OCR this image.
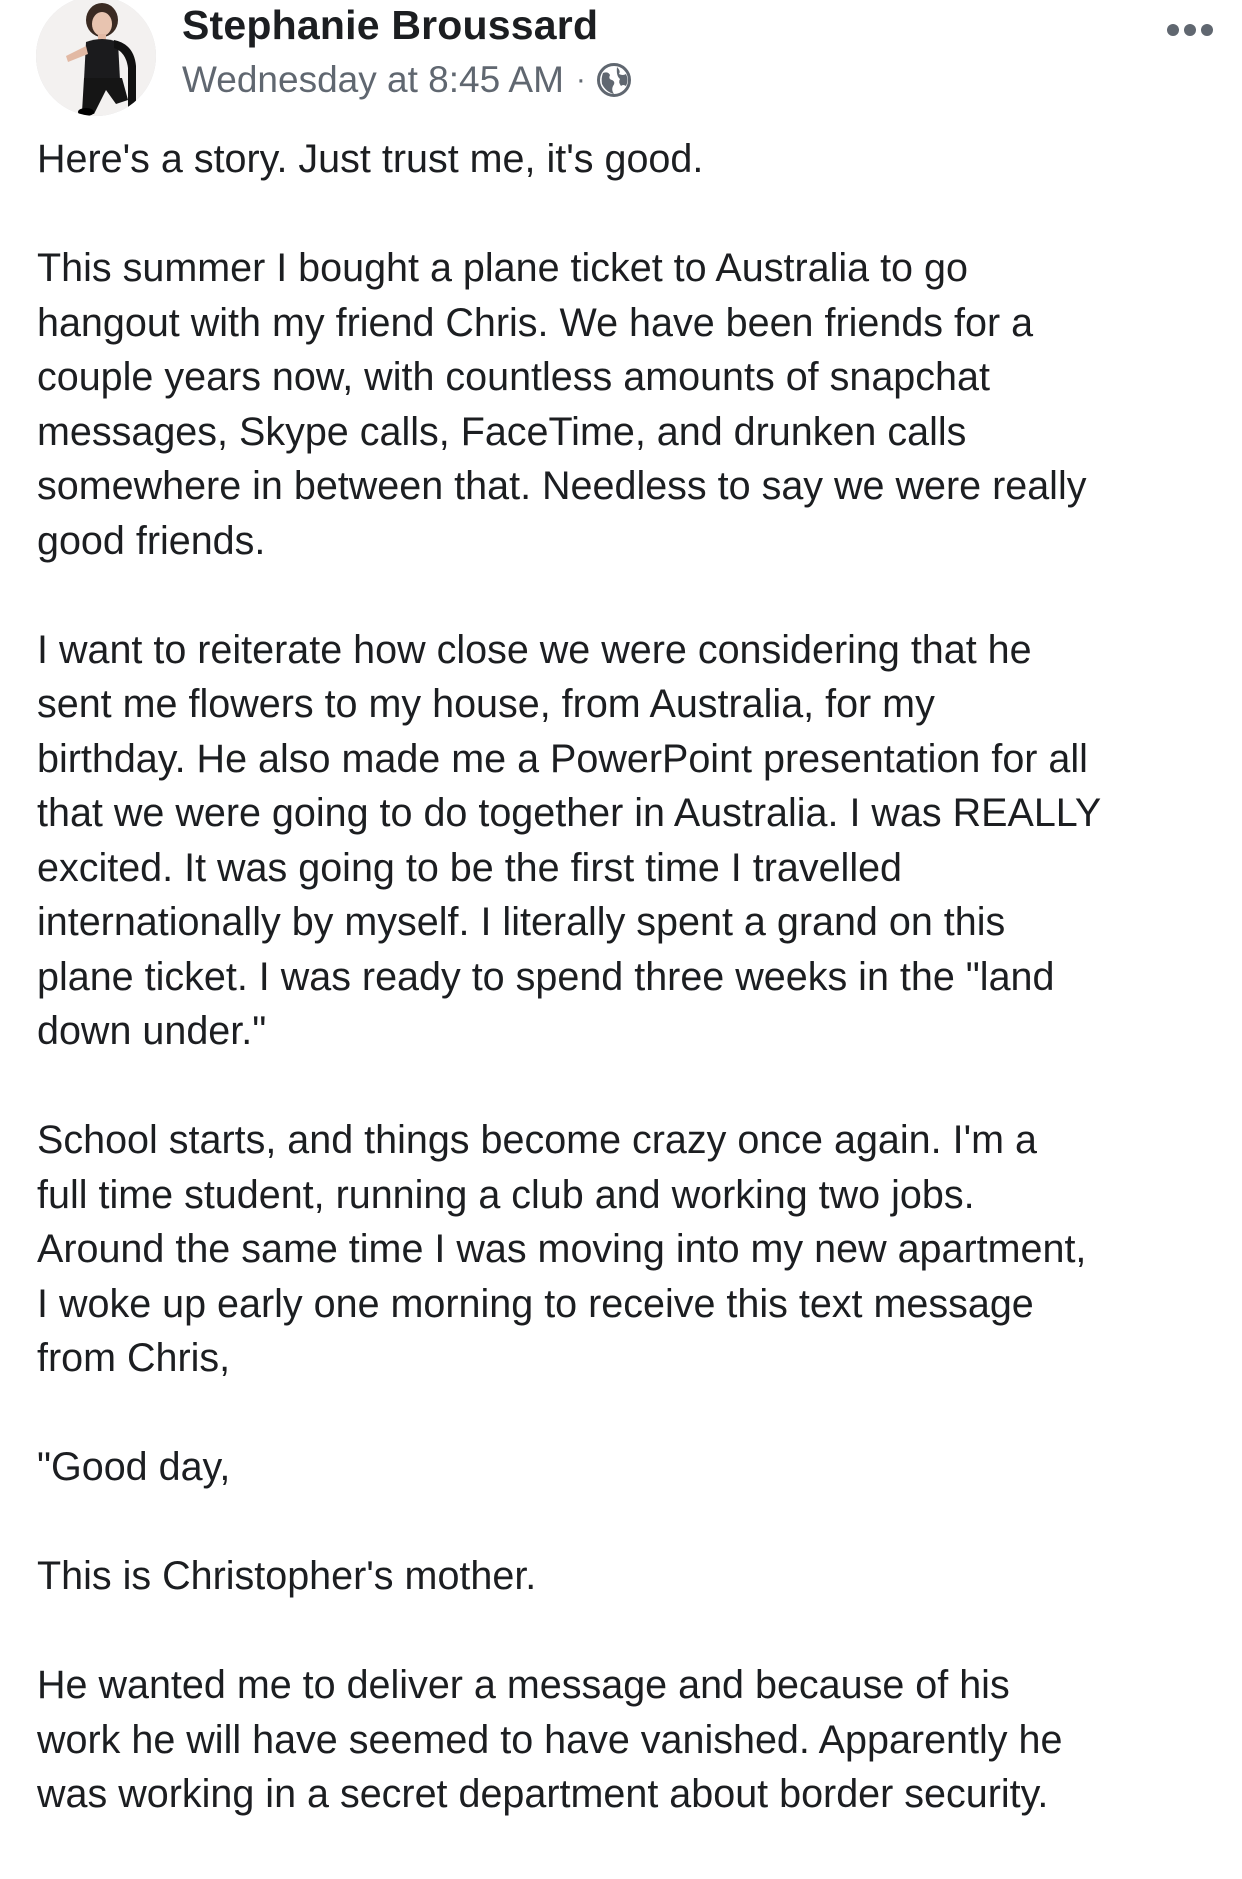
Stephanie Broussard
Wednesday at 8:45 AM ·

Here's a story. Just trust me, it's good.

This summer I bought a plane ticket to Australia to go
hangout with my friend Chris. We have been friends for a
couple years now, with countless amounts of snapchat
messages, Skype calls, FaceTime, and drunken calls
somewhere in between that. Needless to say we were really
good friends.

I want to reiterate how close we were considering that he
sent me flowers to my house, from Australia, for my
birthday. He also made me a PowerPoint presentation for all
that we were going to do together in Australia. I was REALLY
excited. It was going to be the first time I travelled
internationally by myself. I literally spent a grand on this
plane ticket. I was ready to spend three weeks in the "land
down under."

School starts, and things become crazy once again. I'm a
full time student, running a club and working two jobs.
Around the same time I was moving into my new apartment,
I woke up early one morning to receive this text message
from Chris,

"Good day,

This is Christopher's mother.

He wanted me to deliver a message and because of his
work he will have seemed to have vanished. Apparently he
was working in a secret department about border security.
